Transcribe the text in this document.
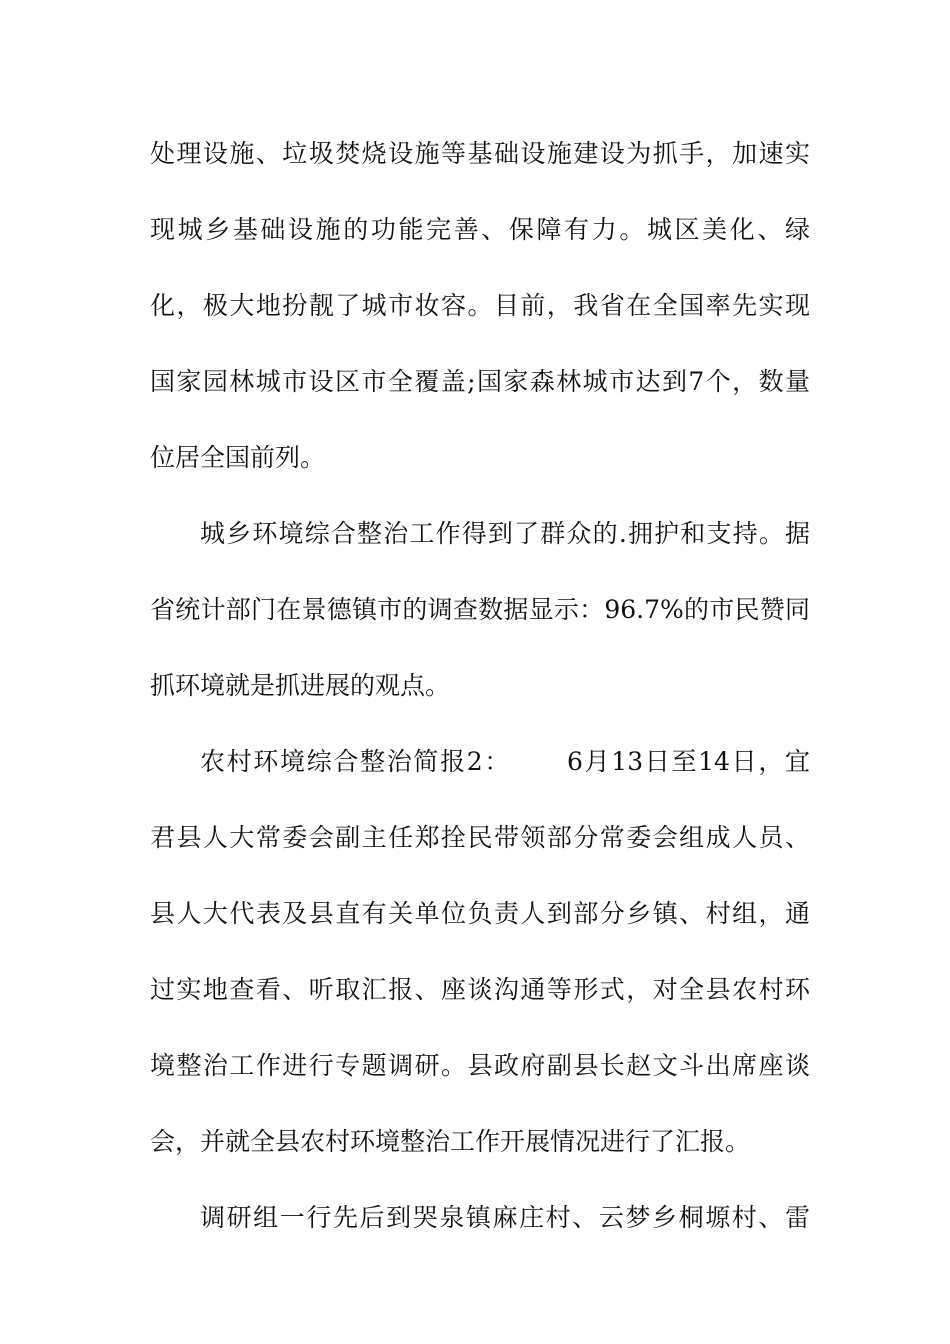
处理设施、垃圾焚烧设施等基础设施建设为抓手，加速实
现城乡基础设施的功能完善、保障有力。城区美化、绿
化，极大地扮靓了城市妆容。目前，我省在全国率先实现
国家园林城市设区市全覆盖;国家森林城市达到7个，数量
位居全国前列。
城乡环境综合整治工作得到了群众的.拥护和支持。据
省统计部门在景德镇市的调查数据显示：96.7%的市民赞同
抓环境就是抓进展的观点。
农村环境综合整治简报2： 6月13日至14日，宜
君县人大常委会副主任郑拴民带领部分常委会组成人员、
县人大代表及县直有关单位负责人到部分乡镇、村组，通
过实地查看、听取汇报、座谈沟通等形式，对全县农村环
境整治工作进行专题调研。县政府副县长赵文斗出席座谈
会，并就全县农村环境整治工作开展情况进行了汇报。
调研组一行先后到哭泉镇麻庄村、云梦乡桐塬村、雷
